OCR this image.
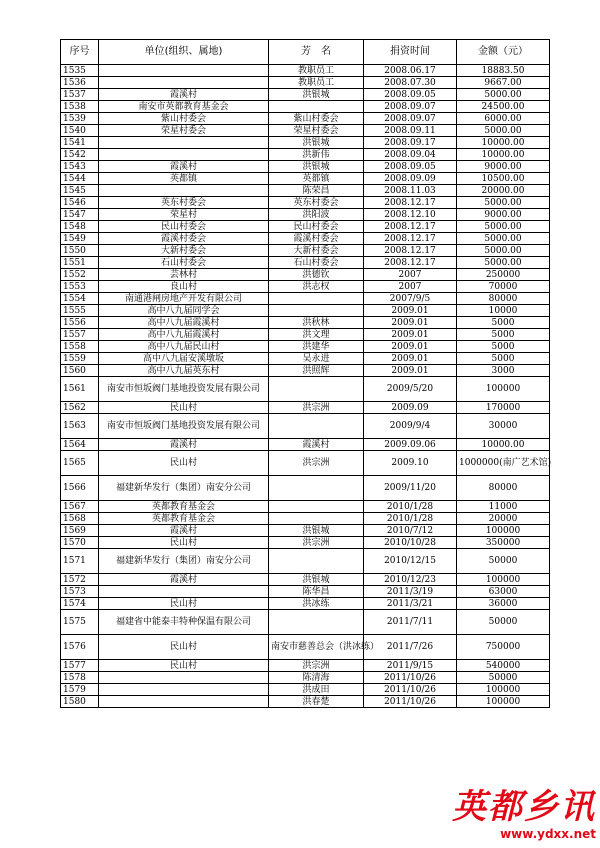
序号	单位(组织、属地)	芳　名	捐资时间	金额（元）
1535		教职员工	2008.06.17	18883.50
1536		教职员工	2008.07.30	9667.00
1537	霞溪村	洪银城	2008.09.05	5000.00
1538	南安市英都教育基金会		2008.09.07	24500.00
1539	紫山村委会	紫山村委会	2008.09.07	6000.00
1540	荣星村委会	荣星村委会	2008.09.11	5000.00
1541		洪银城	2008.09.17	10000.00
1542		洪新伟	2008.09.04	10000.00
1543	霞溪村	洪银城	2008.09.05	9000.00
1544	英都镇	英都镇	2008.09.09	10500.00
1545		陈荣昌	2008.11.03	20000.00
1546	英东村委会	英东村委会	2008.12.17	5000.00
1547	荣星村	洪阳波	2008.12.10	9000.00
1548	民山村委会	民山村委会	2008.12.17	5000.00
1549	霞溪村委会	霞溪村委会	2008.12.17	5000.00
1550	大新村委会	大新村委会	2008.12.17	5000.00
1551	石山村委会	石山村委会	2008.12.17	5000.00
1552	芸林村	洪德钦	2007	250000
1553	良山村	洪志权	2007	70000
1554	南通港闸房地产开发有限公司		2007/9/5	80000
1555	高中八九届同学会		2009.01	10000
1556	高中八九届霞溪村	洪秋林	2009.01	5000
1557	高中八九届霞溪村	洪文理	2009.01	5000
1558	高中八九届民山村	洪建华	2009.01	5000
1559	高中八九届安溪墩坂	吴永进	2009.01	5000
1560	高中八九届英东村	洪照辉	2009.01	3000
1561	南安市恒坂阀门基地投资发展有限公司		2009/5/20	100000
1562	民山村	洪宗洲	2009.09	170000
1563	南安市恒坂阀门基地投资发展有限公司		2009/9/4	30000
1564	霞溪村	霞溪村	2009.09.06	10000.00
1565	民山村	洪宗洲	2009.10	1000000(南广艺术馆)
1566	福建新华发行（集团）南安分公司		2009/11/20	80000
1567	英都教育基金会		2010/1/28	11000
1568	英都教育基金会		2010/1/28	20000
1569	霞溪村	洪银城	2010/7/12	100000
1570	民山村	洪宗洲	2010/10/28	350000
1571	福建新华发行（集团）南安分公司		2010/12/15	50000
1572	霞溪村	洪银城	2010/12/23	100000
1573		陈华昌	2011/3/19	63000
1574	民山村	洪冰练	2011/3/21	36000
1575	福建省中能泰丰特种保温有限公司		2011/7/11	50000
1576	民山村	南安市慈善总会（洪冰练）	2011/7/26	750000
1577	民山村	洪宗洲	2011/9/15	540000
1578		陈清海	2011/10/26	50000
1579		洪成田	2011/10/26	100000
1580		洪春楚	2011/10/26	100000
英都乡讯
www.ydxx.net
